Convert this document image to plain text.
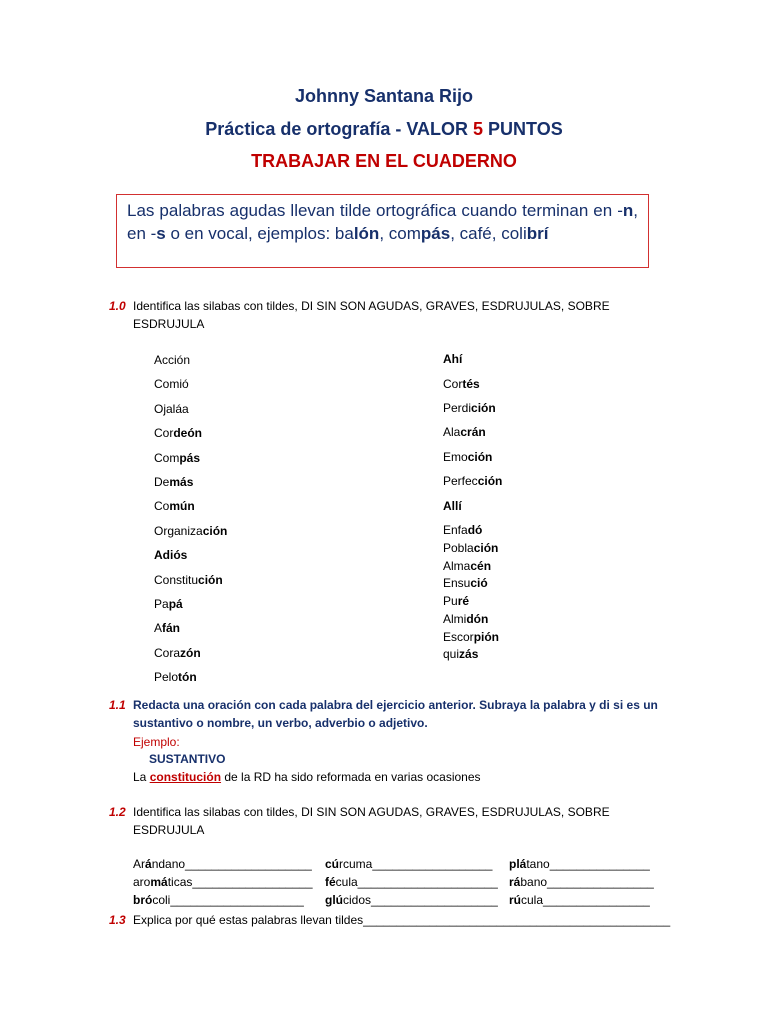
Johnny Santana Rijo
Práctica de ortografía - VALOR 5 PUNTOS
TRABAJAR EN EL CUADERNO
Las palabras agudas llevan tilde ortográfica cuando terminan en -n, en -s o en vocal, ejemplos: balón, compás, café, colibrí
1.0 Identifica las silabas con tildes, DI SIN SON AGUDAS, GRAVES, ESDRUJULAS, SOBRE ESDRUJULA
Acción
Comió
Ojaláa
Cordeón
Compás
Demás
Común
Organización
Adiós
Constitución
Papá
Afán
Corazón
Pelotón
Ahí
Cortés
Perdición
Alacrán
Emoción
Perfección
Allí
Enfadó
Población
Almacén
Ensució
Puré
Almidón
Escorpión
quizás
1.1 Redacta una oración con cada palabra del ejercicio anterior. Subraya la palabra y di si es un sustantivo o nombre, un verbo, adverbio o adjetivo.
Ejemplo:
SUSTANTIVO
La constitución de la RD ha sido reformada en varias ocasiones
1.2 Identifica las silabas con tildes, DI SIN SON AGUDAS, GRAVES, ESDRUJULAS, SOBRE ESDRUJULA
Arándano___________________ cúrcuma__________________ plátano_______________
aromáticas__________________ fécula_____________________ rábano________________
brócoli____________________ glúcidos___________________ rúcula________________
1.3 Explica por qué estas palabras llevan tildes______________________________________________
